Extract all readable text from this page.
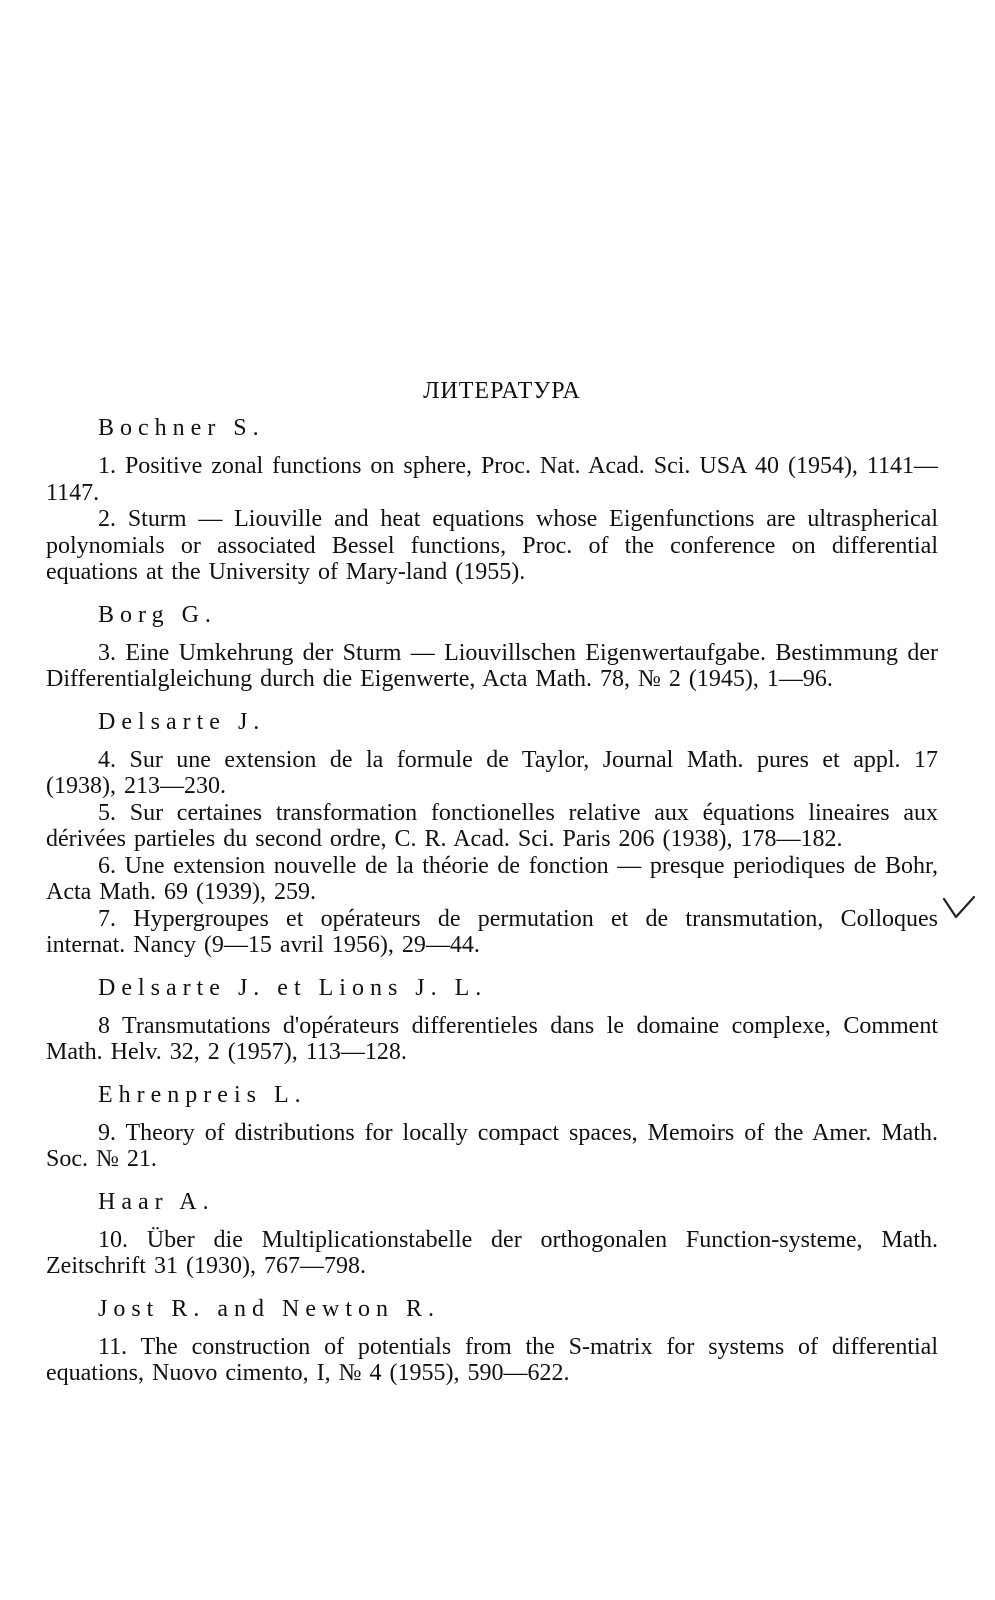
ЛИТЕРАТУРА
Bochner S.

1. Positive zonal functions on sphere, Proc. Nat. Acad. Sci. USA 40 (1954), 1141—1147.

2. Sturm — Liouville and heat equations whose Eigenfunctions are ultraspherical polynomials or associated Bessel functions, Proc. of the conference on differential equations at the University of Mary-land (1955).

Borg G.

3. Eine Umkehrung der Sturm — Liouvillschen Eigenwertaufgabe. Bestimmung der Differentialgleichung durch die Eigenwerte, Acta Math. 78, № 2 (1945), 1—96.

Delsarte J.

4. Sur une extension de la formule de Taylor, Journal Math. pures et appl. 17 (1938), 213—230.

5. Sur certaines transformation fonctionelles relative aux équations lineaires aux dérivées partieles du second ordre, C. R. Acad. Sci. Paris 206 (1938), 178—182.

6. Une extension nouvelle de la théorie de fonction — presque periodiques de Bohr, Acta Math. 69 (1939), 259.

7. Hypergroupes et opérateurs de permutation et de transmutation, Colloques internat. Nancy (9—15 avril 1956), 29—44.

Delsarte J. et Lions J. L.

8 Transmutations d'opérateurs differentieles dans le domaine complexe, Comment Math. Helv. 32, 2 (1957), 113—128.

Ehrenpreis L.

9. Theory of distributions for locally compact spaces, Memoirs of the Amer. Math. Soc. № 21.

Haar A.

10. Über die Multiplicationstabelle der orthogonalen Function-systeme, Math. Zeitschrift 31 (1930), 767—798.

Jost R. and Newton R.

11. The construction of potentials from the S-matrix for systems of differential equations, Nuovo cimento, I, № 4 (1955), 590—622.
